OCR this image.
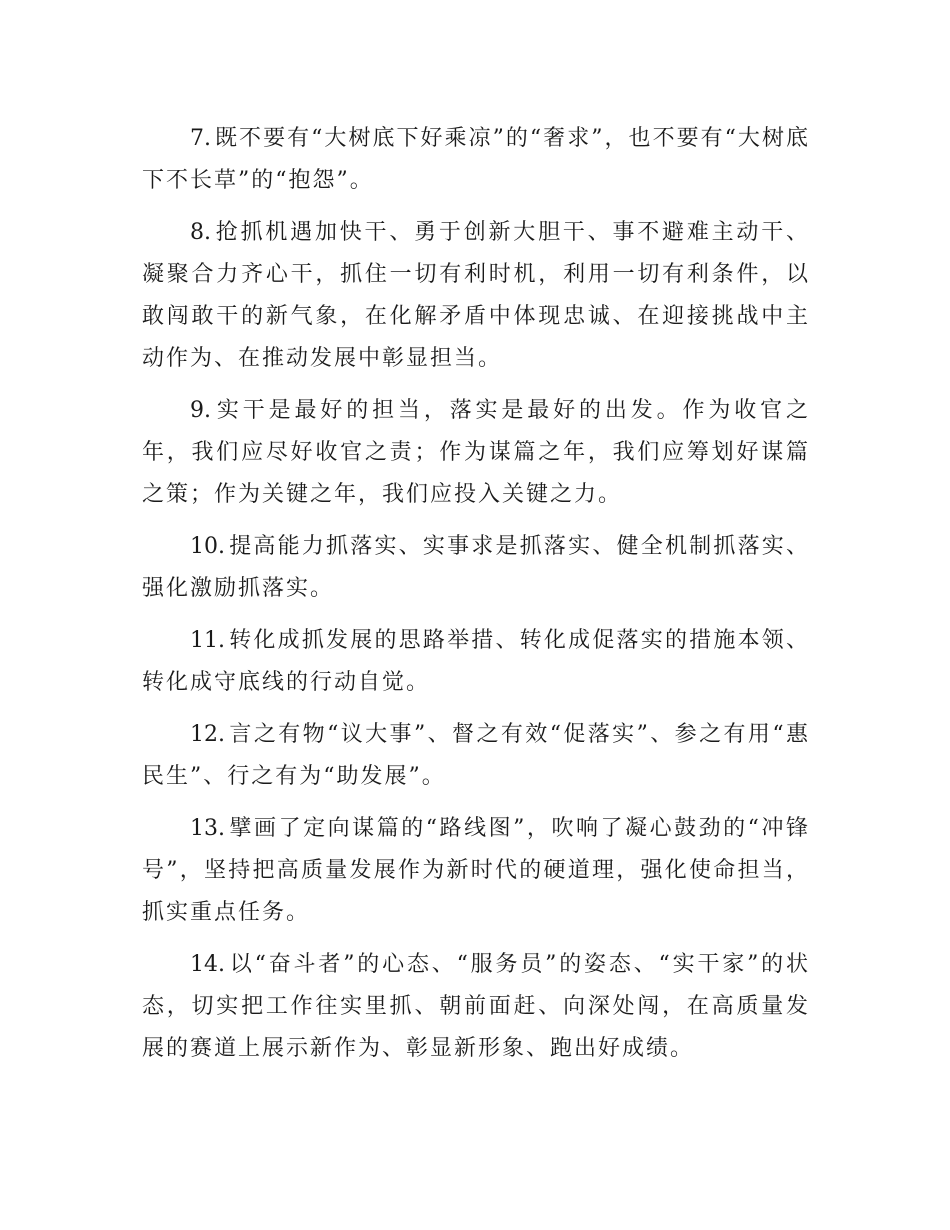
7. 既不要有“大树底下好乘凉”的“奢求”，也不要有“大树底下不长草”的“抱怨”。

8. 抢抓机遇加快干、勇于创新大胆干、事不避难主动干、凝聚合力齐心干，抓住一切有利时机，利用一切有利条件，以敢闯敢干的新气象，在化解矛盾中体现忠诚、在迎接挑战中主动作为、在推动发展中彰显担当。

9. 实干是最好的担当，落实是最好的出发。作为收官之年，我们应尽好收官之责；作为谋篇之年，我们应筹划好谋篇之策；作为关键之年，我们应投入关键之力。

10. 提高能力抓落实、实事求是抓落实、健全机制抓落实、强化激励抓落实。

11. 转化成抓发展的思路举措、转化成促落实的措施本领、转化成守底线的行动自觉。

12. 言之有物“议大事”、督之有效“促落实”、参之有用“惠民生”、行之有为“助发展”。

13. 擘画了定向谋篇的“路线图”，吹响了凝心鼓劲的“冲锋号”，坚持把高质量发展作为新时代的硬道理，强化使命担当，抓实重点任务。

14. 以“奋斗者”的心态、“服务员”的姿态、“实干家”的状态，切实把工作往实里抓、朝前面赶、向深处闯，在高质量发展的赛道上展示新作为、彰显新形象、跑出好成绩。
